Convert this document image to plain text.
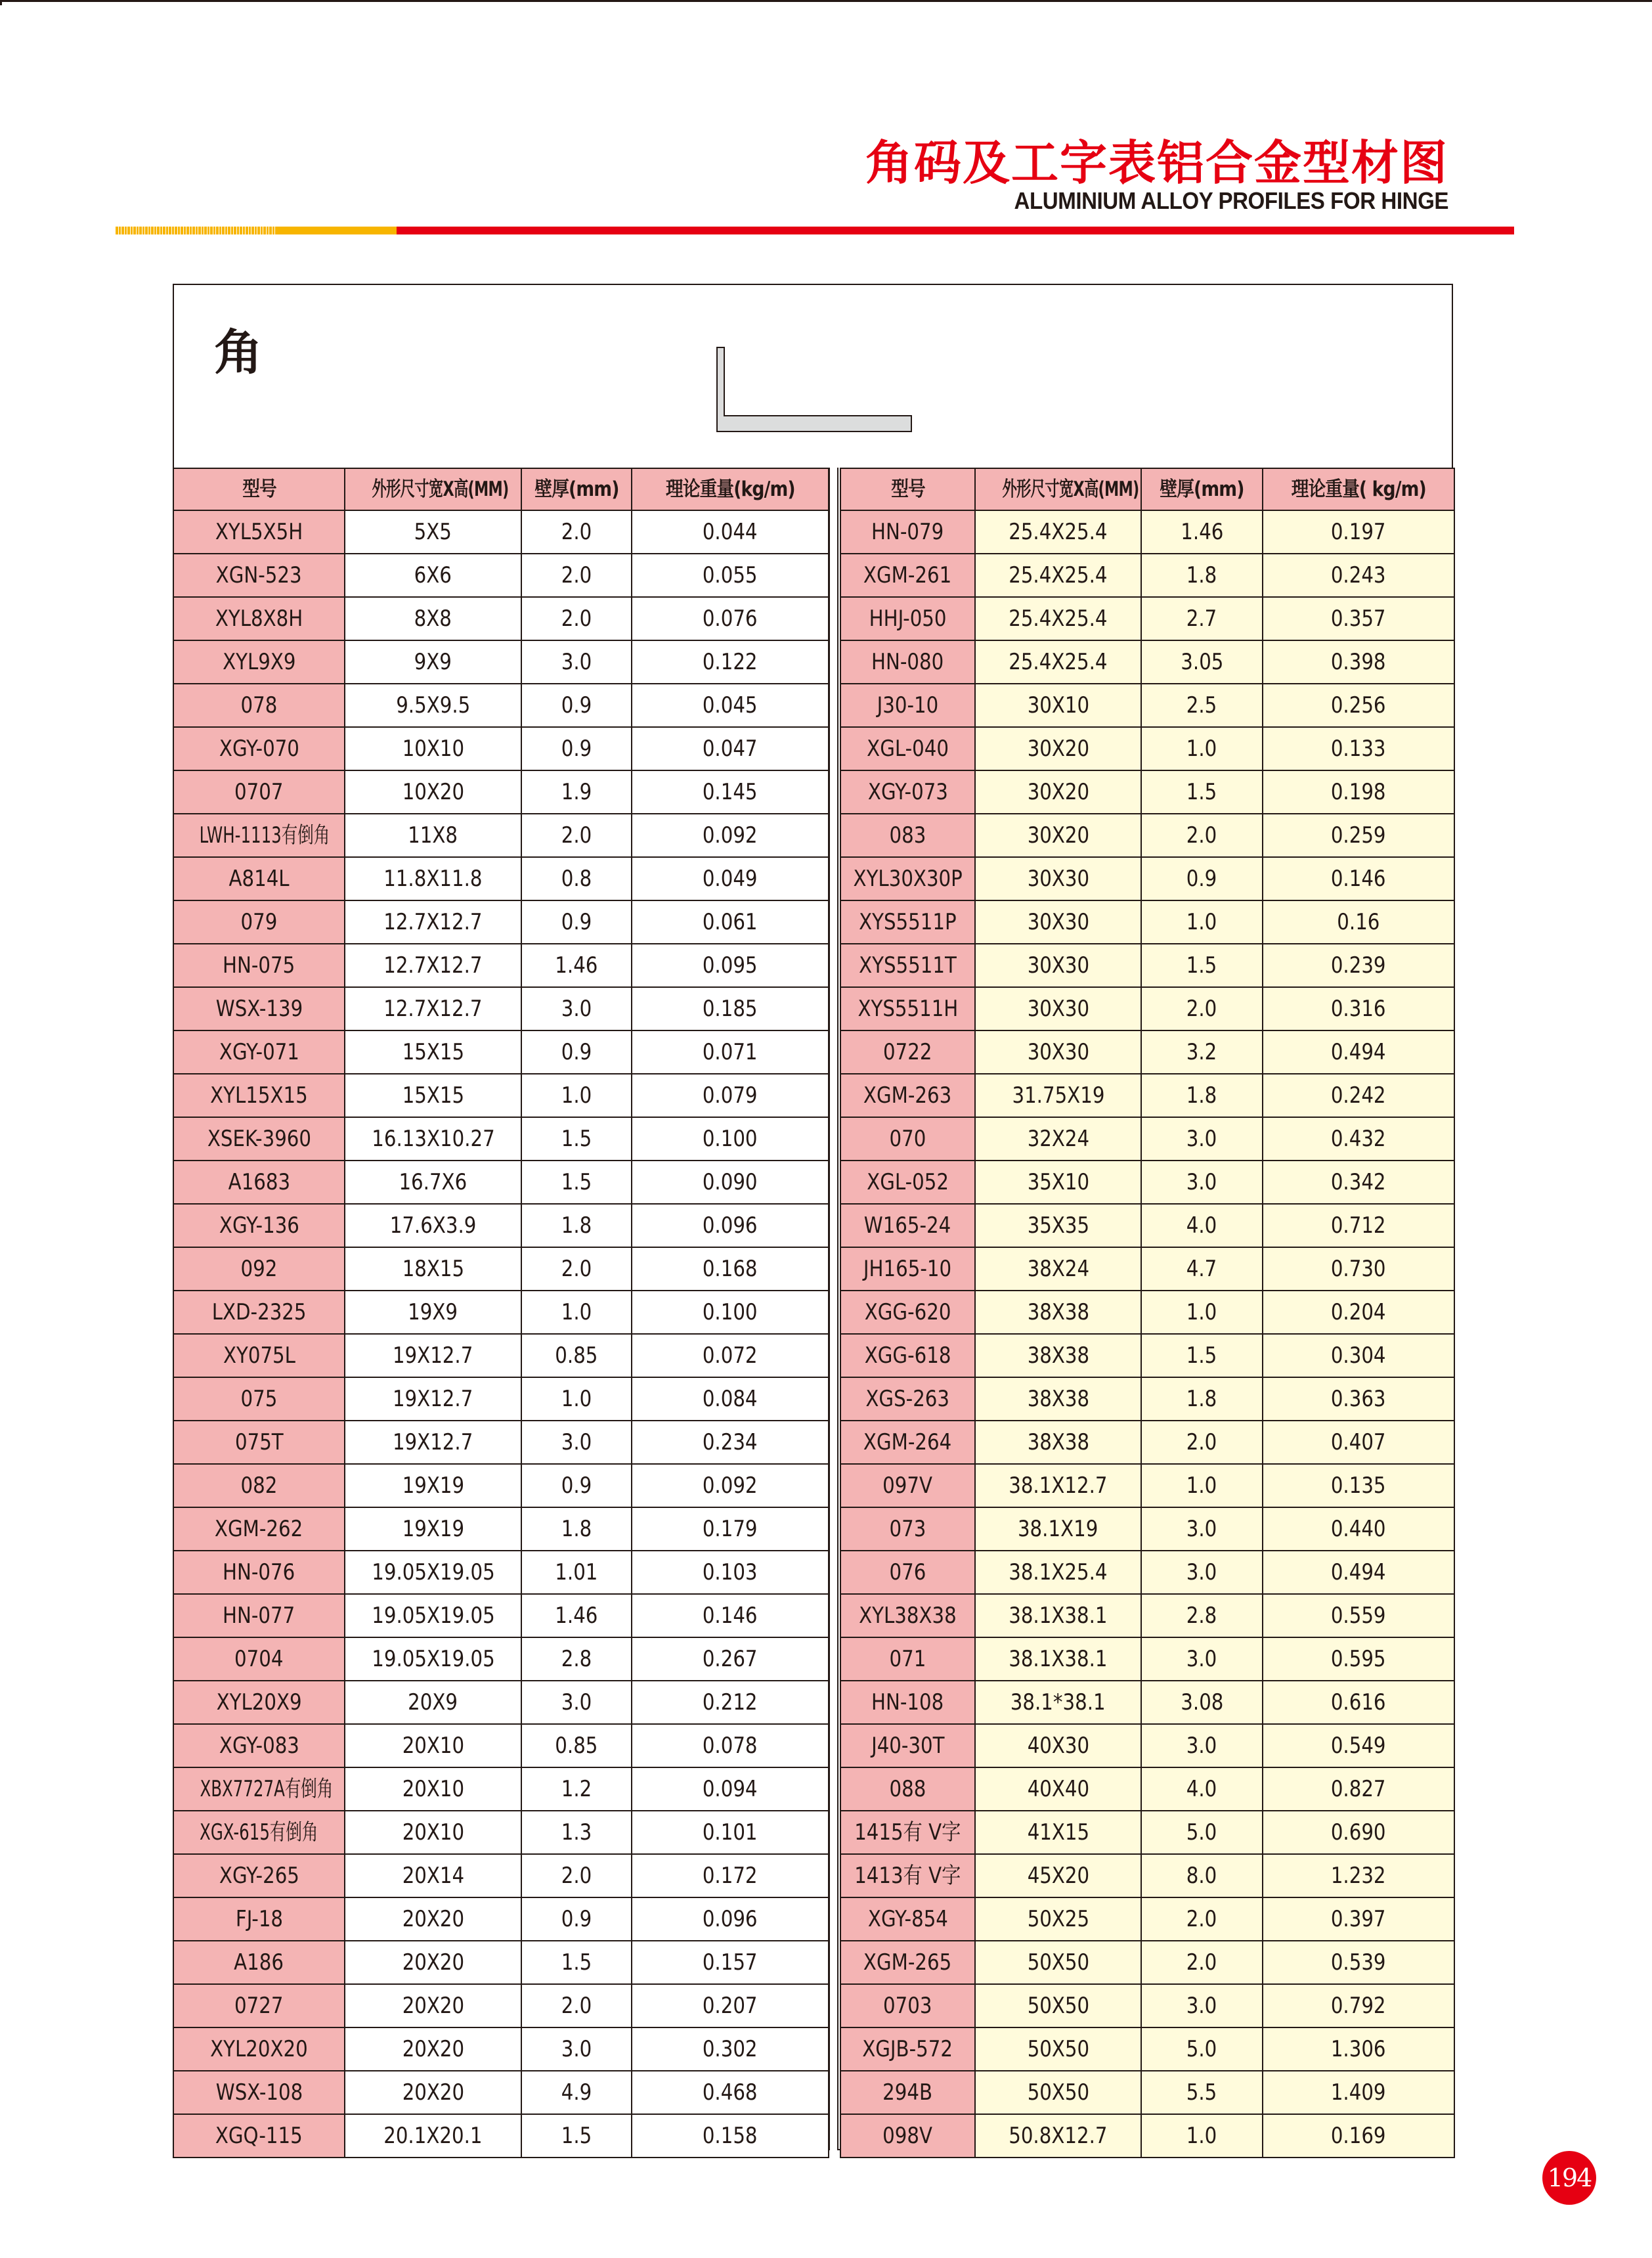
角码及工字表铝合金型材图
ALUMINIUM ALLOY PROFILES FOR HINGE
角
型号	外形尺寸宽X高(MM)	壁厚(mm)	理论重量(kg/m)
XYL5X5H	5X5	2.0	0.044
XGN-523	6X6	2.0	0.055
XYL8X8H	8X8	2.0	0.076
XYL9X9	9X9	3.0	0.122
078	9.5X9.5	0.9	0.045
XGY-070	10X10	0.9	0.047
0707	10X20	1.9	0.145
LWH-1113有倒角	11X8	2.0	0.092
A814L	11.8X11.8	0.8	0.049
079	12.7X12.7	0.9	0.061
HN-075	12.7X12.7	1.46	0.095
WSX-139	12.7X12.7	3.0	0.185
XGY-071	15X15	0.9	0.071
XYL15X15	15X15	1.0	0.079
XSEK-3960	16.13X10.27	1.5	0.100
A1683	16.7X6	1.5	0.090
XGY-136	17.6X3.9	1.8	0.096
092	18X15	2.0	0.168
LXD-2325	19X9	1.0	0.100
XY075L	19X12.7	0.85	0.072
075	19X12.7	1.0	0.084
075T	19X12.7	3.0	0.234
082	19X19	0.9	0.092
XGM-262	19X19	1.8	0.179
HN-076	19.05X19.05	1.01	0.103
HN-077	19.05X19.05	1.46	0.146
0704	19.05X19.05	2.8	0.267
XYL20X9	20X9	3.0	0.212
XGY-083	20X10	0.85	0.078
XBX7727A有倒角	20X10	1.2	0.094
XGX-615有倒角	20X10	1.3	0.101
XGY-265	20X14	2.0	0.172
FJ-18	20X20	0.9	0.096
A186	20X20	1.5	0.157
0727	20X20	2.0	0.207
XYL20X20	20X20	3.0	0.302
WSX-108	20X20	4.9	0.468
XGQ-115	20.1X20.1	1.5	0.158
型号	外形尺寸宽X高(MM)	壁厚(mm)	理论重量( kg/m)
HN-079	25.4X25.4	1.46	0.197
XGM-261	25.4X25.4	1.8	0.243
HHJ-050	25.4X25.4	2.7	0.357
HN-080	25.4X25.4	3.05	0.398
J30-10	30X10	2.5	0.256
XGL-040	30X20	1.0	0.133
XGY-073	30X20	1.5	0.198
083	30X20	2.0	0.259
XYL30X30P	30X30	0.9	0.146
XYS5511P	30X30	1.0	0.16
XYS5511T	30X30	1.5	0.239
XYS5511H	30X30	2.0	0.316
0722	30X30	3.2	0.494
XGM-263	31.75X19	1.8	0.242
070	32X24	3.0	0.432
XGL-052	35X10	3.0	0.342
W165-24	35X35	4.0	0.712
JH165-10	38X24	4.7	0.730
XGG-620	38X38	1.0	0.204
XGG-618	38X38	1.5	0.304
XGS-263	38X38	1.8	0.363
XGM-264	38X38	2.0	0.407
097V	38.1X12.7	1.0	0.135
073	38.1X19	3.0	0.440
076	38.1X25.4	3.0	0.494
XYL38X38	38.1X38.1	2.8	0.559
071	38.1X38.1	3.0	0.595
HN-108	38.1*38.1	3.08	0.616
J40-30T	40X30	3.0	0.549
088	40X40	4.0	0.827
1415有 V字	41X15	5.0	0.690
1413有 V字	45X20	8.0	1.232
XGY-854	50X25	2.0	0.397
XGM-265	50X50	2.0	0.539
0703	50X50	3.0	0.792
XGJB-572	50X50	5.0	1.306
294B	50X50	5.5	1.409
098V	50.8X12.7	1.0	0.169
194
